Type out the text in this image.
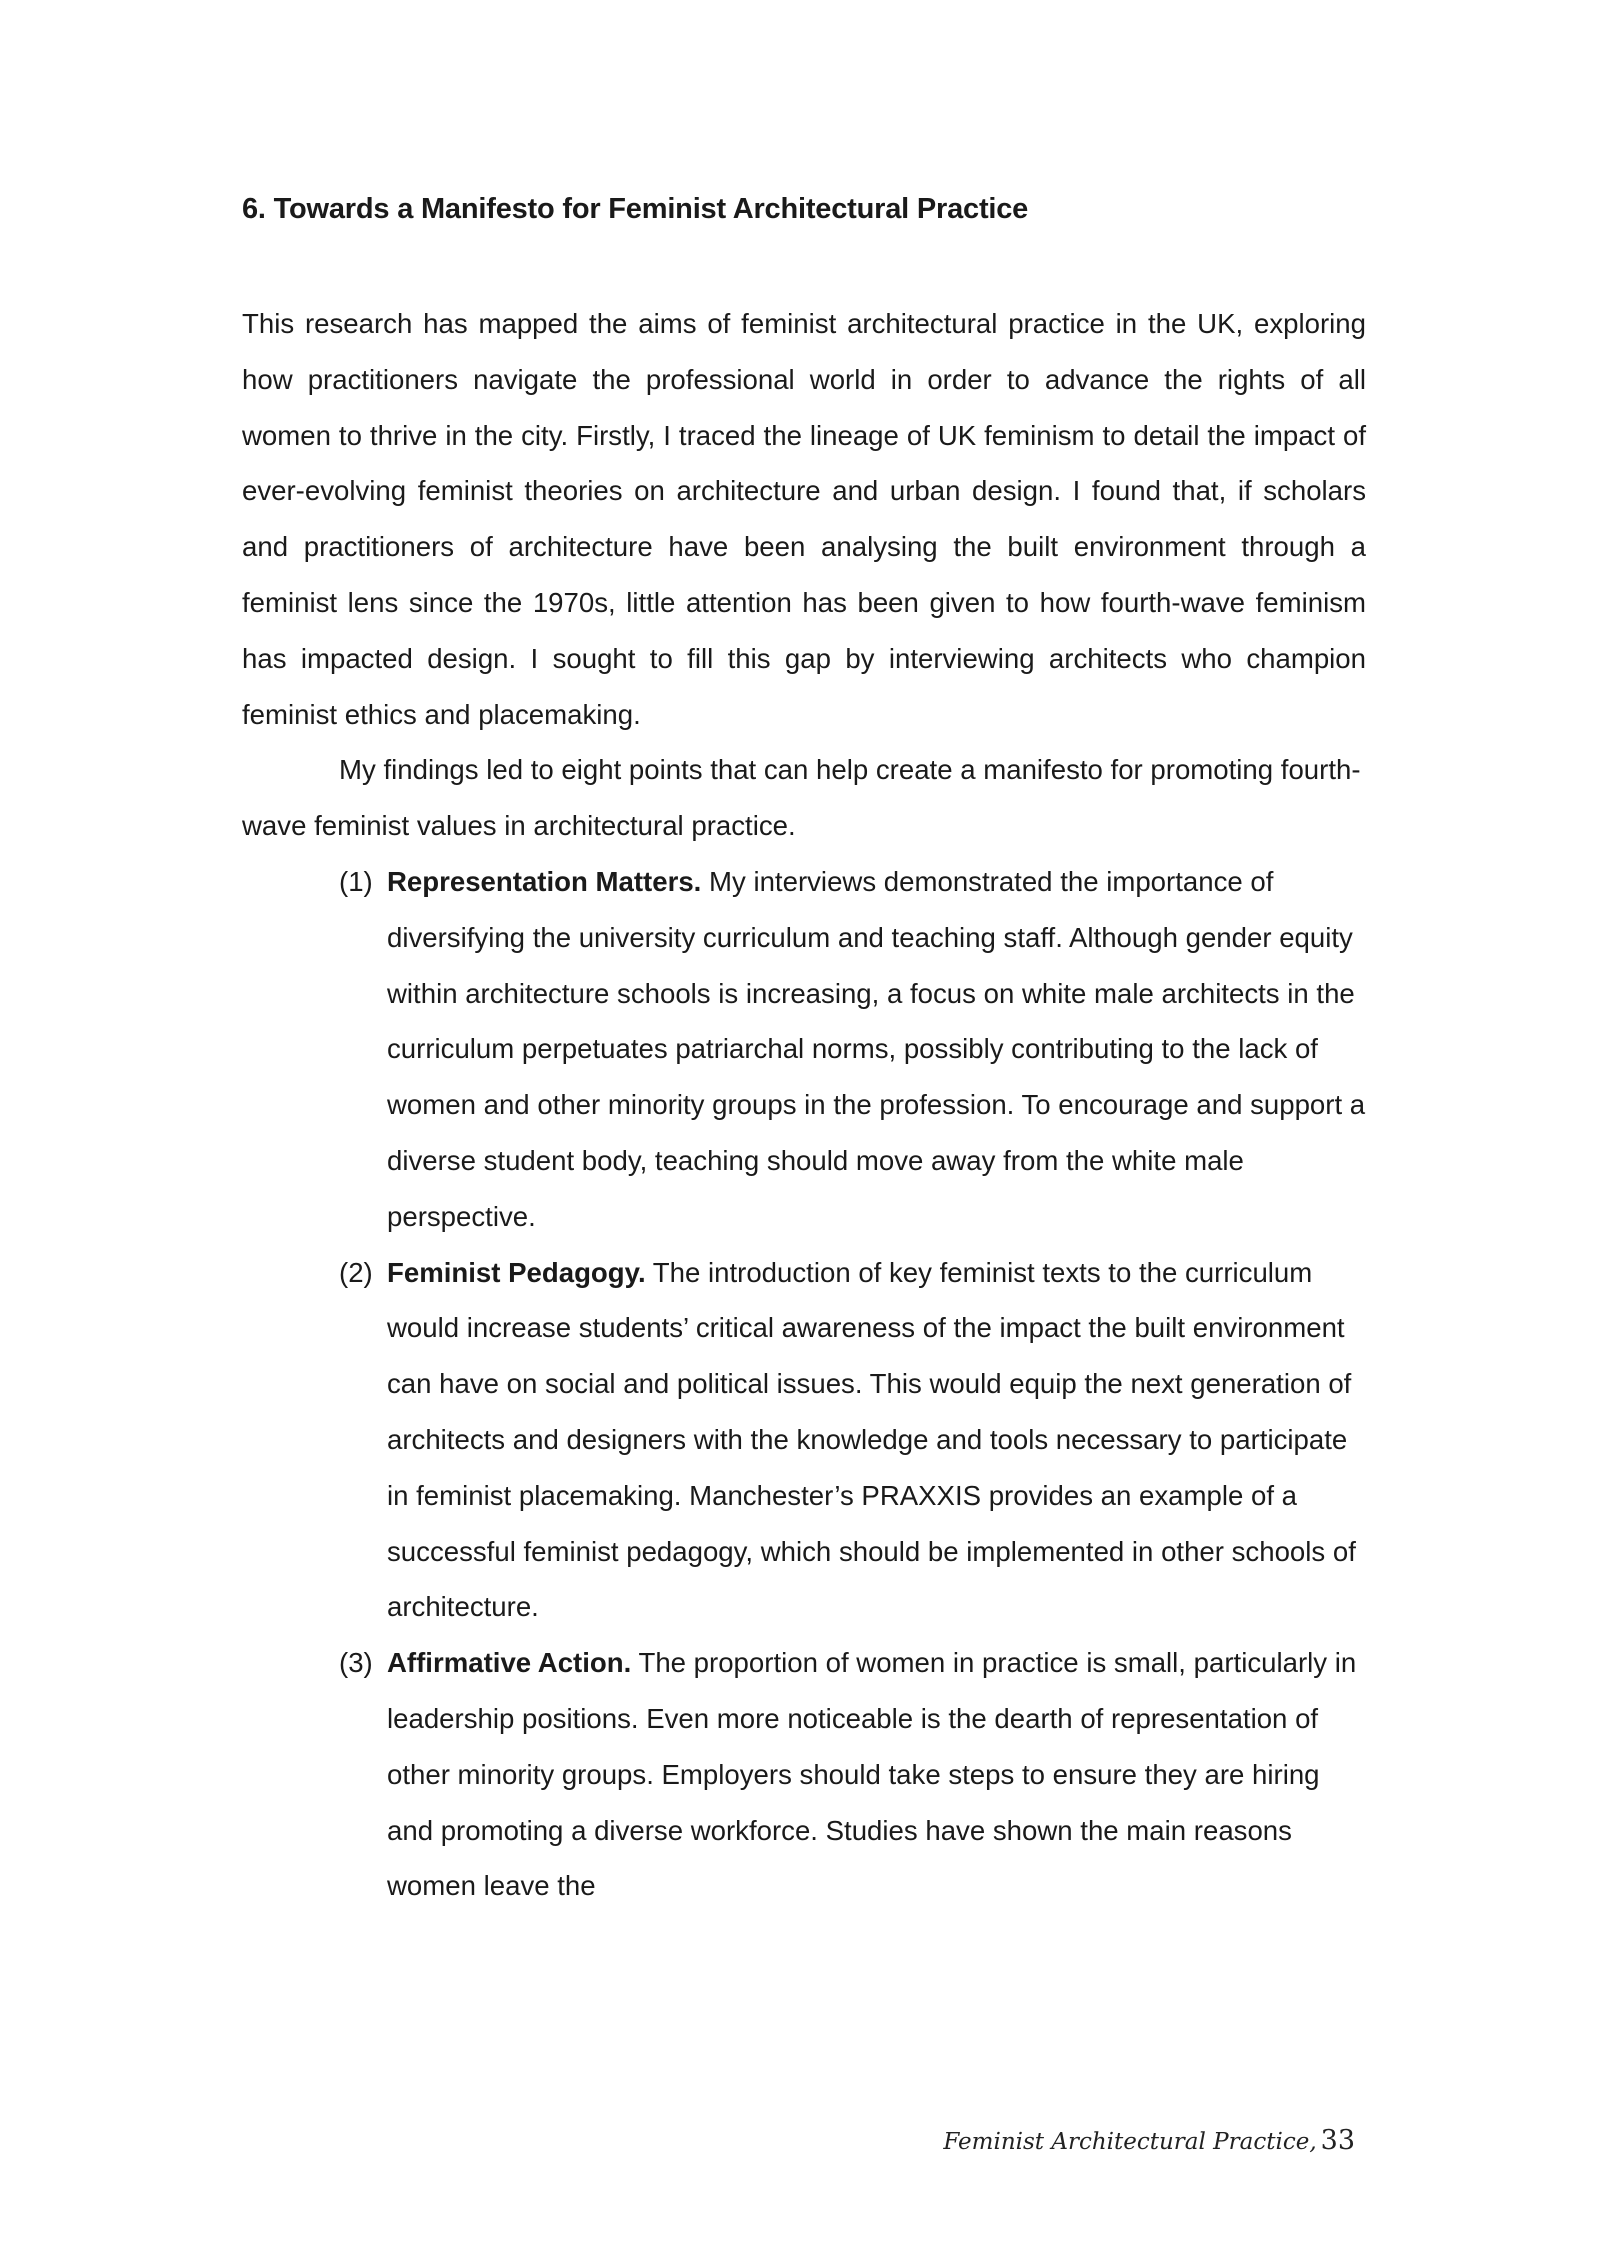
6. Towards a Manifesto for Feminist Architectural Practice

This research has mapped the aims of feminist architectural practice in the UK, exploring how practitioners navigate the professional world in order to advance the rights of all women to thrive in the city. Firstly, I traced the lineage of UK feminism to detail the impact of ever-evolving feminist theories on architecture and urban design. I found that, if scholars and practitioners of architecture have been analysing the built environment through a feminist lens since the 1970s, little attention has been given to how fourth-wave feminism has impacted design. I sought to fill this gap by interviewing architects who champion feminist ethics and placemaking.

My findings led to eight points that can help create a manifesto for promoting fourth-wave feminist values in architectural practice.

(1) Representation Matters. My interviews demonstrated the importance of diversifying the university curriculum and teaching staff. Although gender equity within architecture schools is increasing, a focus on white male architects in the curriculum perpetuates patriarchal norms, possibly contributing to the lack of women and other minority groups in the profession. To encourage and support a diverse student body, teaching should move away from the white male perspective.
(2) Feminist Pedagogy. The introduction of key feminist texts to the curriculum would increase students’ critical awareness of the impact the built environment can have on social and political issues. This would equip the next generation of architects and designers with the knowledge and tools necessary to participate in feminist placemaking. Manchester’s PRAXXIS provides an example of a successful feminist pedagogy, which should be implemented in other schools of architecture.
(3) Affirmative Action. The proportion of women in practice is small, particularly in leadership positions. Even more noticeable is the dearth of representation of other minority groups. Employers should take steps to ensure they are hiring and promoting a diverse workforce. Studies have shown the main reasons women leave the
Feminist Architectural Practice, 33
